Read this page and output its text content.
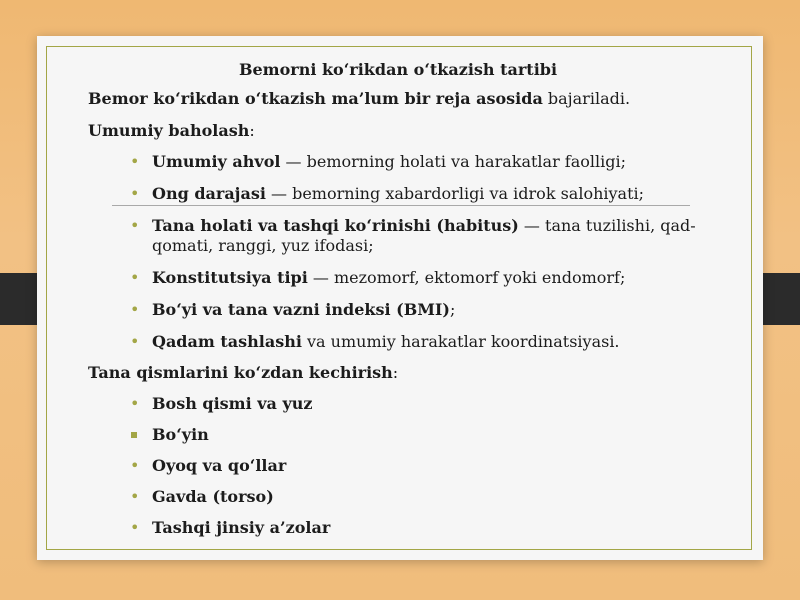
Bemorni ko‘rikdan o‘tkazish tartibi
Bemor ko‘rikdan o‘tkazish ma’lum bir reja asosida bajariladi.
Umumiy baholash:
• Umumiy ahvol — bemorning holati va harakatlar faolligi;
• Ong darajasi — bemorning xabardorligi va idrok salohiyati;
• Tana holati va tashqi ko‘rinishi (habitus) — tana tuzilishi, qad-qomati, ranggi, yuz ifodasi;
• Konstitutsiya tipi — mezomorf, ektomorf yoki endomorf;
• Bo‘yi va tana vazni indeksi (BMI);
• Qadam tashlashi va umumiy harakatlar koordinatsiyasi.
Tana qismlarini ko‘zdan kechirish:
• Bosh qismi va yuz
Bo‘yin
• Oyoq va qo‘llar
• Gavda (torso)
• Tashqi jinsiy a’zolar
